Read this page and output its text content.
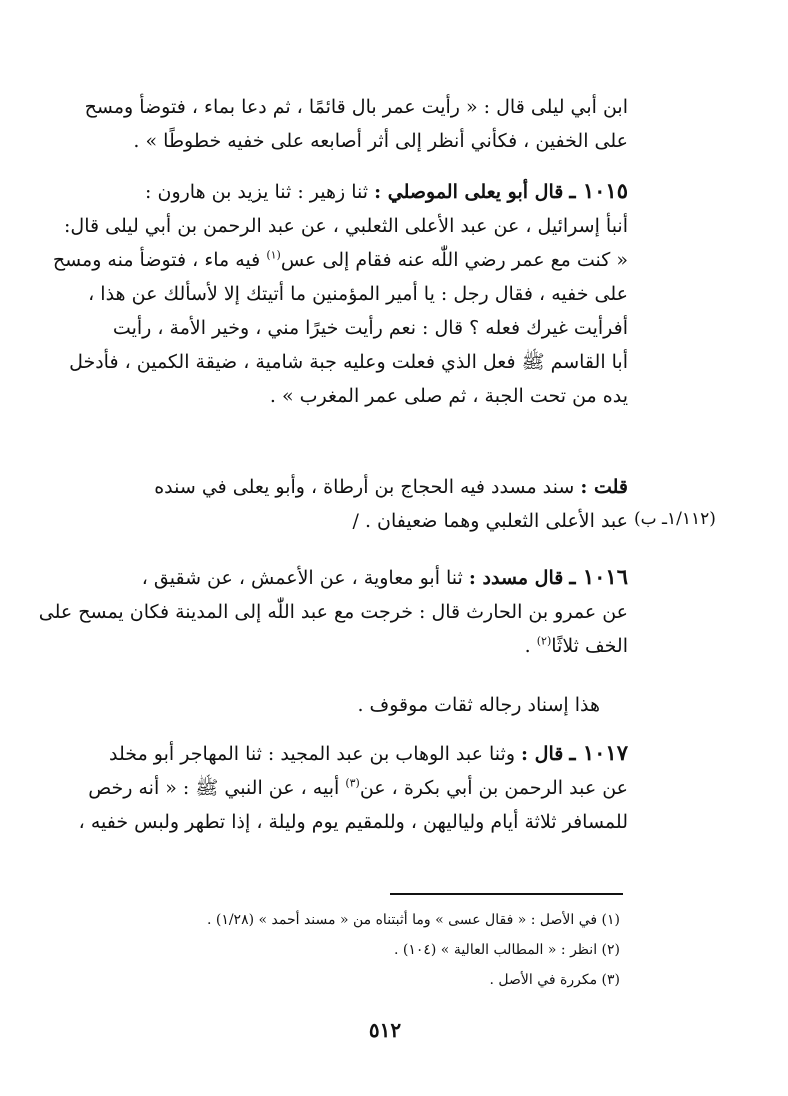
ابن أبي ليلى قال : « رأيت عمر بال قائمًا ، ثم دعا بماء ، فتوضأ ومسح
على الخفين ، فكأني أنظر إلى أثر أصابعه على خفيه خطوطًا » .
١٠١٥ ـ قال أبو يعلى الموصلي : ثنا زهير : ثنا يزيد بن هارون :
أنبأ إسرائيل ، عن عبد الأعلى الثعلبي ، عن عبد الرحمن بن أبي ليلى قال:
« كنت مع عمر رضي اللّٰه عنه فقام إلى عس$^{(١)}$ فيه ماء ، فتوضأ منه ومسح
على خفيه ، فقال رجل : يا أمير المؤمنين ما أتيتك إلا لأسألك عن هذا ،
أفرأيت غيرك فعله ؟ قال : نعم رأيت خيرًا مني ، وخير الأمة ، رأيت
أبا القاسم ﷺ فعل الذي فعلت وعليه جبة شامية ، ضيقة الكمين ، فأدخل
يده من تحت الجبة ، ثم صلى عمر المغرب » .
قلت : سند مسدد فيه الحجاج بن أرطاة ، وأبو يعلى في سنده
عبد الأعلى الثعلبي وهما ضعيفان . / (١/١١٢ـ ب)
١٠١٦ ـ قال مسدد : ثنا أبو معاوية ، عن الأعمش ، عن شقيق ،
عن عمرو بن الحارث قال : خرجت مع عبد اللّٰه إلى المدينة فكان يمسح على
الخف ثلاثًا$^{(٢)}$ .
هذا إسناد رجاله ثقات موقوف .
١٠١٧ ـ قال : وثنا عبد الوهاب بن عبد المجيد : ثنا المهاجر أبو مخلد
عن عبد الرحمن بن أبي بكرة ، عن$^{(٣)}$ أبيه ، عن النبي ﷺ : « أنه رخص
للمسافر ثلاثة أيام ولياليهن ، وللمقيم يوم وليلة ، إذا تطهر ولبس خفيه ،
(١) في الأصل : « فقال عسى » وما أثبتناه من « مسند أحمد » (١/٢٨) .
(٢) انظر : « المطالب العالية » (١٠٤) .
(٣) مكررة في الأصل .
٥١٢
